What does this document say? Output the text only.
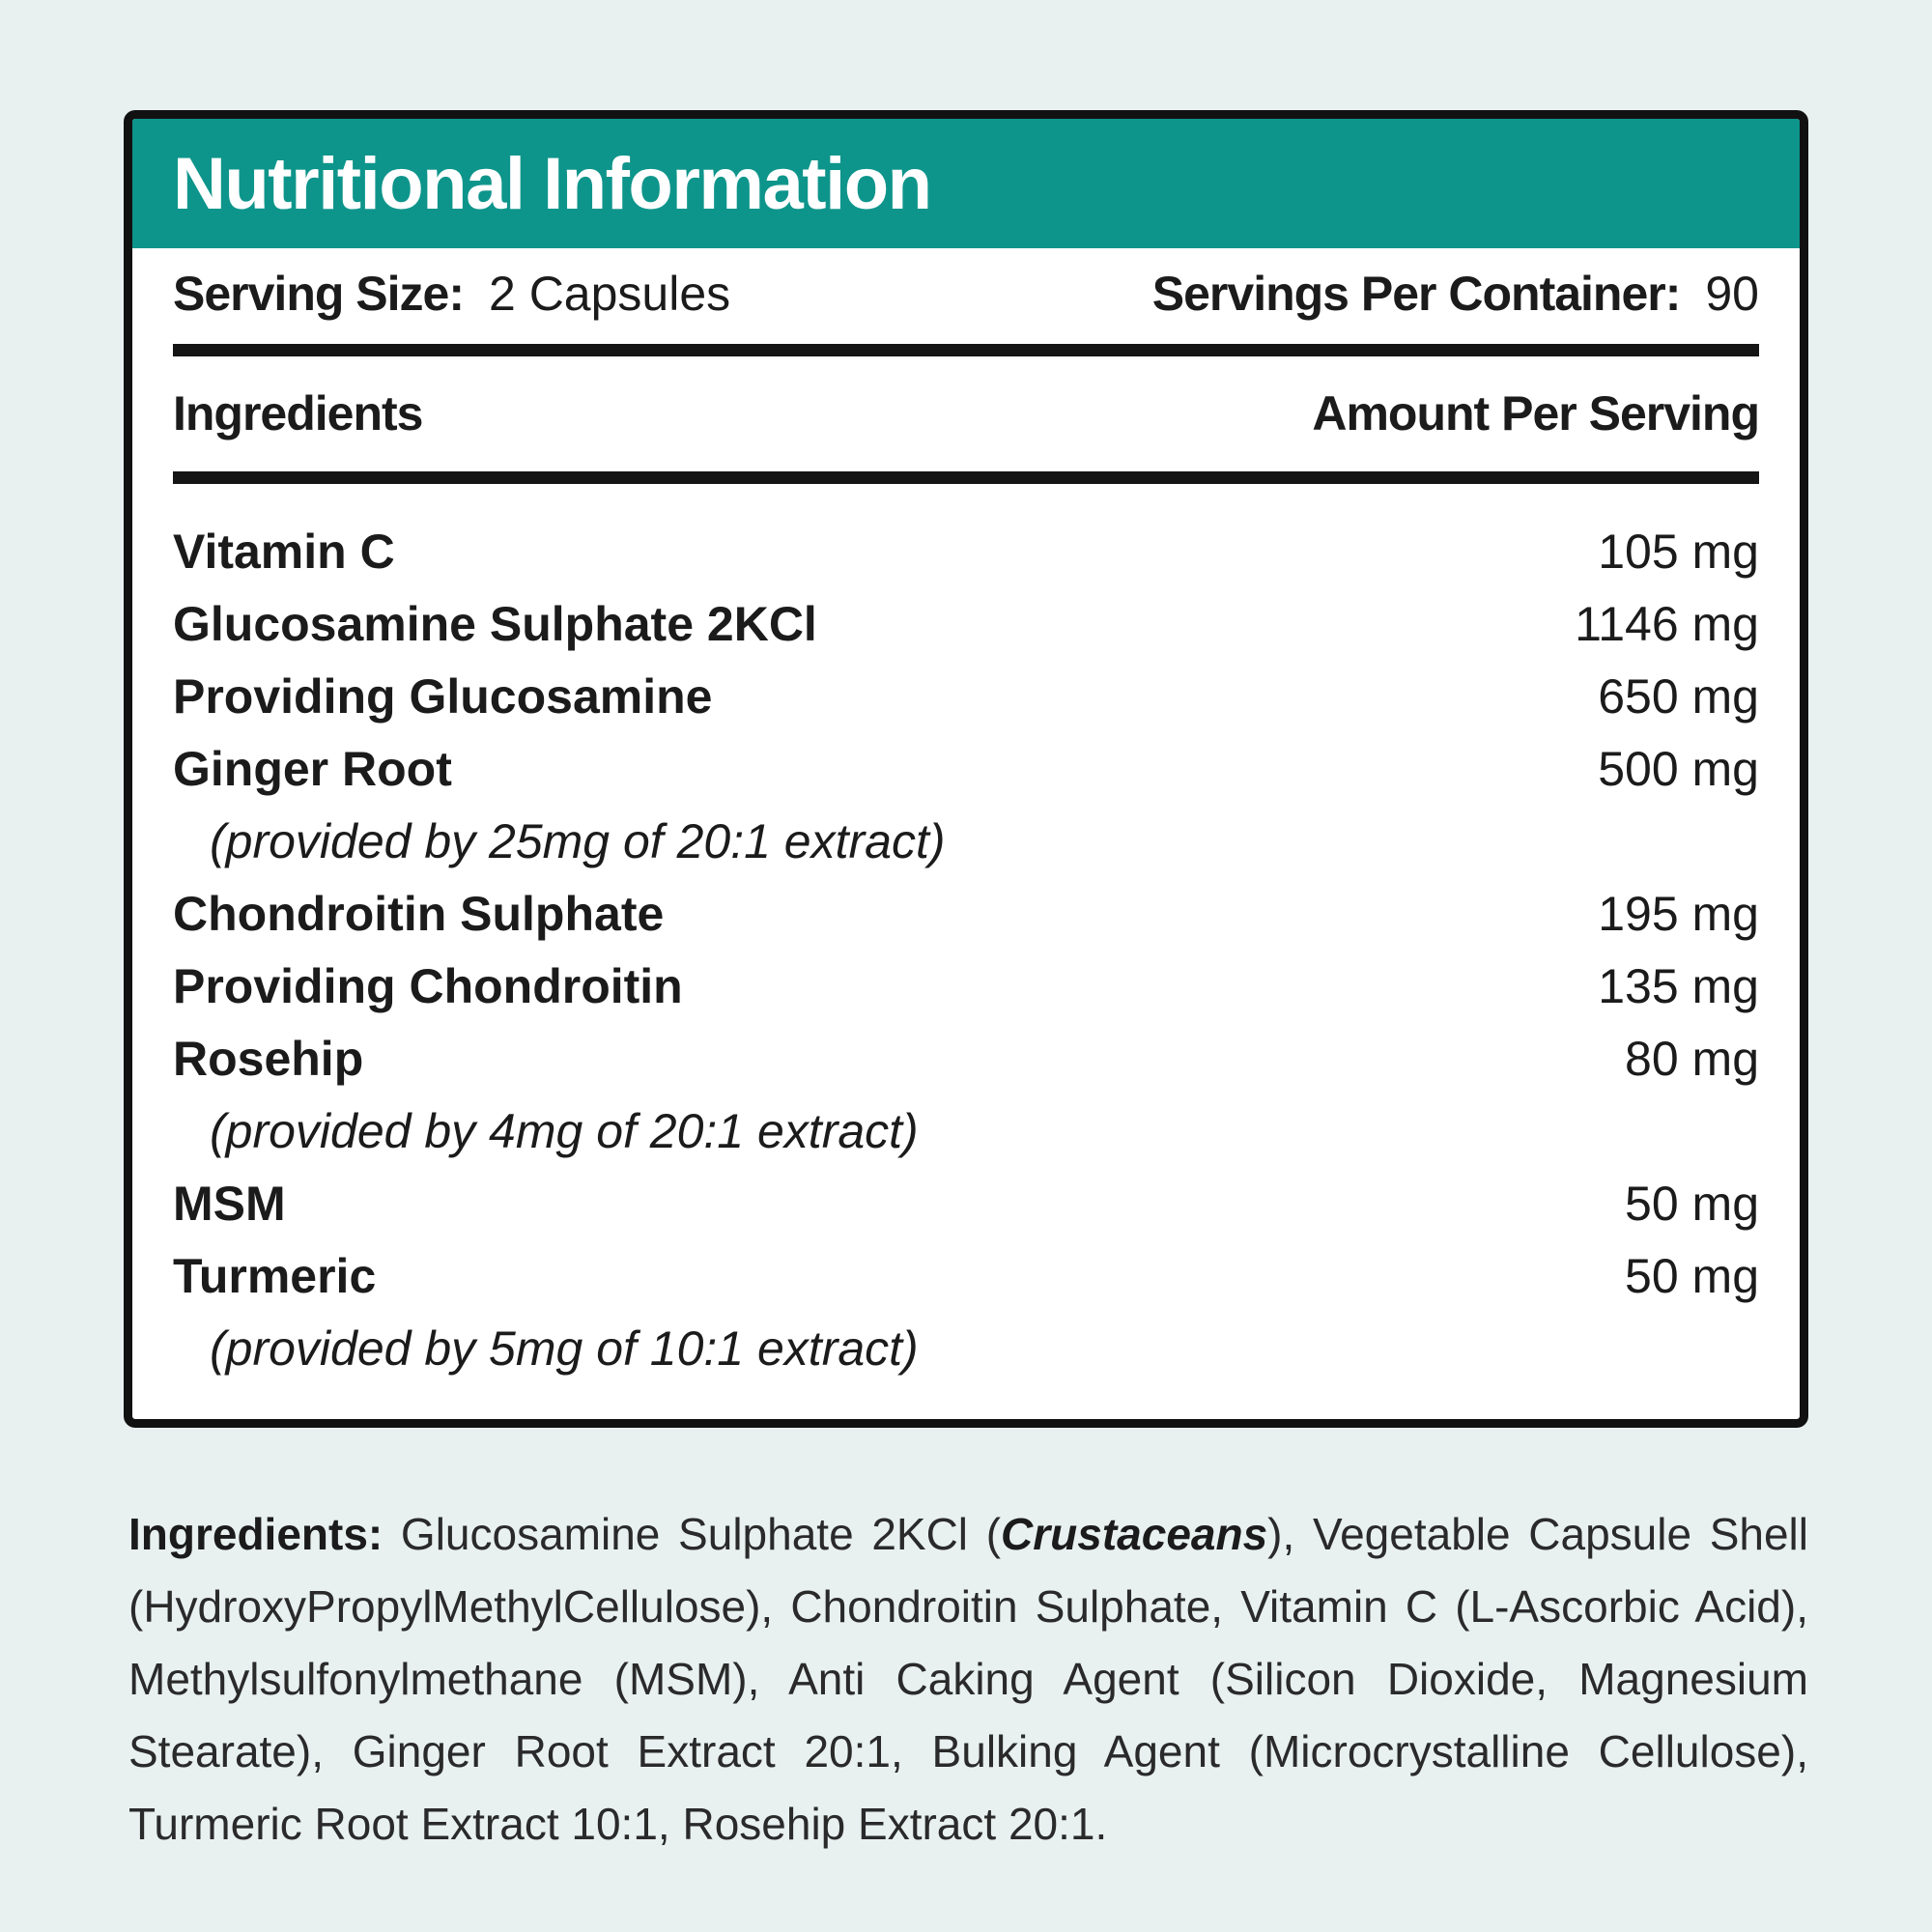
Nutritional Information
Serving Size: 2 Capsules	Servings Per Container: 90
Ingredients	Amount Per Serving
Vitamin C	105 mg
Glucosamine Sulphate 2KCl	1146 mg
Providing Glucosamine	650 mg
Ginger Root	500 mg
(provided by 25mg of 20:1 extract)
Chondroitin Sulphate	195 mg
Providing Chondroitin	135 mg
Rosehip	80 mg
(provided by 4mg of 20:1 extract)
MSM	50 mg
Turmeric	50 mg
(provided by 5mg of 10:1 extract)

Ingredients: Glucosamine Sulphate 2KCl (Crustaceans), Vegetable Capsule Shell (HydroxyPropylMethylCellulose), Chondroitin Sulphate, Vitamin C (L-Ascorbic Acid), Methylsulfonylmethane (MSM), Anti Caking Agent (Silicon Dioxide, Magnesium Stearate), Ginger Root Extract 20:1, Bulking Agent (Microcrystalline Cellulose), Turmeric Root Extract 10:1, Rosehip Extract 20:1.
